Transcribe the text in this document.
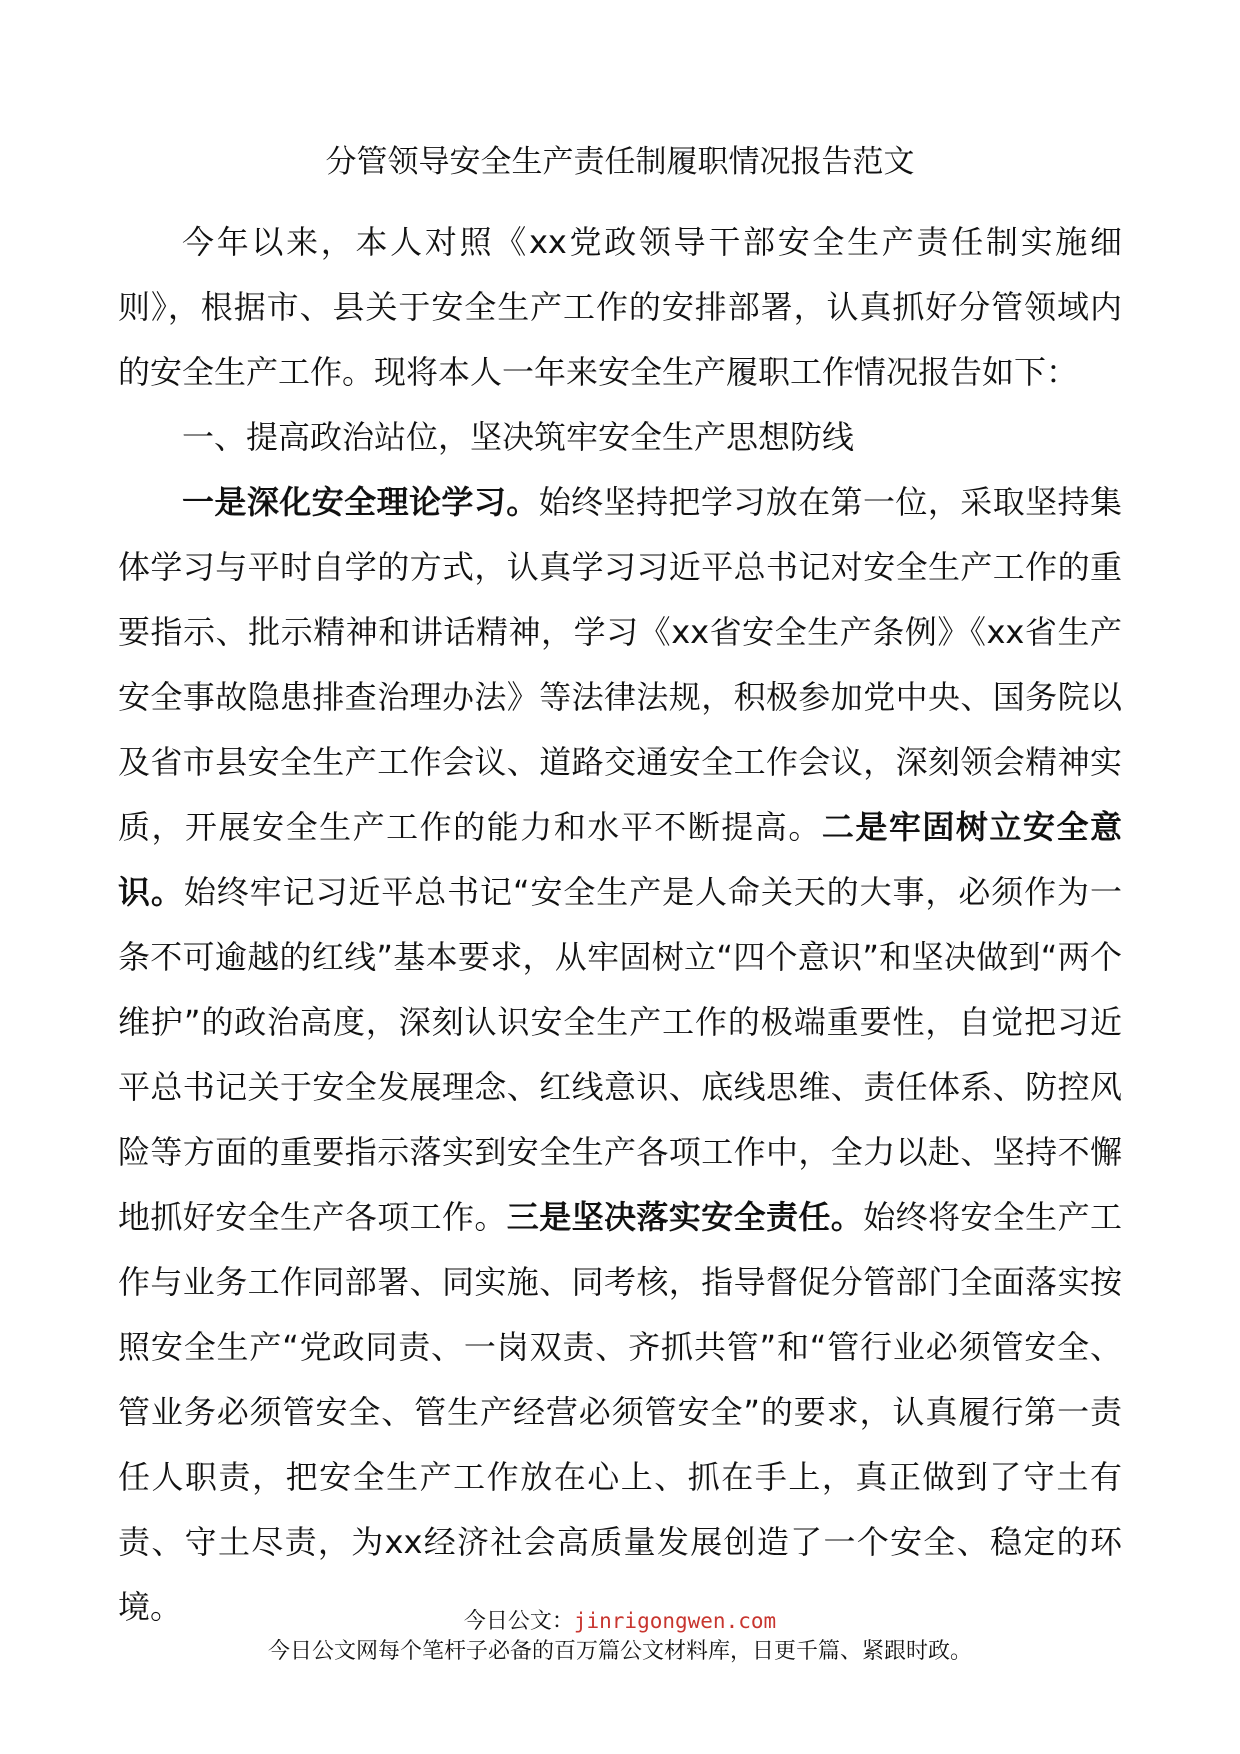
分管领导安全生产责任制履职情况报告范文

今年以来，本人对照《xx党政领导干部安全生产责任制实施细则》，根据市、县关于安全生产工作的安排部署，认真抓好分管领域内的安全生产工作。现将本人一年来安全生产履职工作情况报告如下：

一、提高政治站位，坚决筑牢安全生产思想防线

一是深化安全理论学习。始终坚持把学习放在第一位，采取坚持集体学习与平时自学的方式，认真学习习近平总书记对安全生产工作的重要指示、批示精神和讲话精神，学习《xx省安全生产条例》《xx省生产安全事故隐患排查治理办法》等法律法规，积极参加党中央、国务院以及省市县安全生产工作会议、道路交通安全工作会议，深刻领会精神实质，开展安全生产工作的能力和水平不断提高。二是牢固树立安全意识。始终牢记习近平总书记“安全生产是人命关天的大事，必须作为一条不可逾越的红线”基本要求，从牢固树立“四个意识”和坚决做到“两个维护”的政治高度，深刻认识安全生产工作的极端重要性，自觉把习近平总书记关于安全发展理念、红线意识、底线思维、责任体系、防控风险等方面的重要指示落实到安全生产各项工作中，全力以赴、坚持不懈地抓好安全生产各项工作。三是坚决落实安全责任。始终将安全生产工作与业务工作同部署、同实施、同考核，指导督促分管部门全面落实按照安全生产“党政同责、一岗双责、齐抓共管”和“管行业必须管安全、管业务必须管安全、管生产经营必须管安全”的要求，认真履行第一责任人职责，把安全生产工作放在心上、抓在手上，真正做到了守土有责、守土尽责，为xx经济社会高质量发展创造了一个安全、稳定的环境。	今日公文：jinrigongwen.com
今日公文网每个笔杆子必备的百万篇公文材料库，日更千篇、紧跟时政。
